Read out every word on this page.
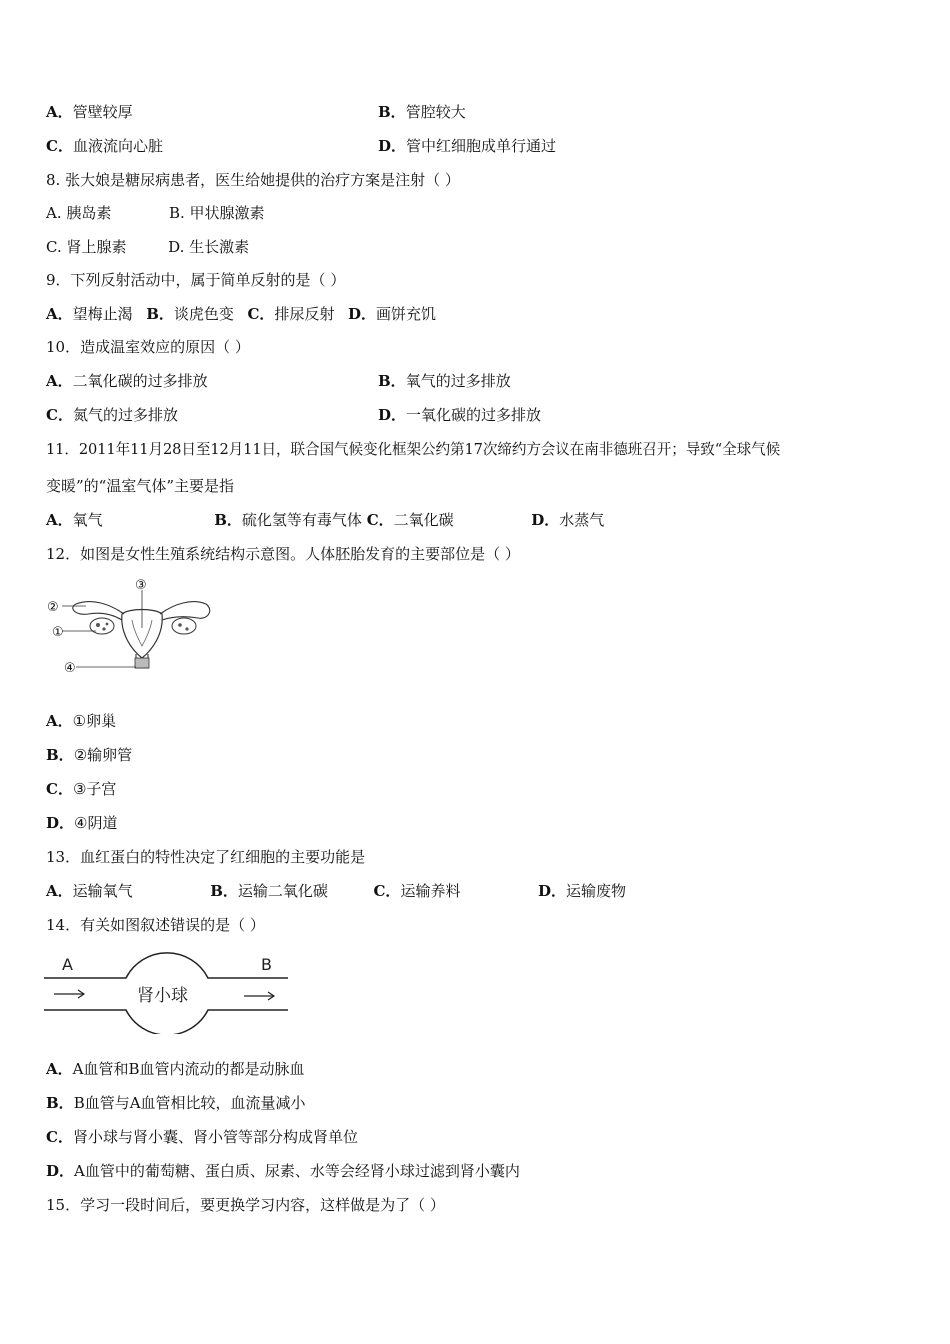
A．管壁较厚	B．管腔较大
C．血液流向心脏	D．管中红细胞成单行通过
8. 张大娘是糖尿病患者，医生给她提供的治疗方案是注射（ ）
A. 胰岛素	B. 甲状腺激素
C. 肾上腺素	D. 生长激素
9．下列反射活动中，属于简单反射的是（ ）
A．望梅止渴 B．谈虎色变 C．排尿反射 D．画饼充饥
10．造成温室效应的原因（ ）
A．二氧化碳的过多排放	B．氧气的过多排放
C．氮气的过多排放	D．一氧化碳的过多排放
11．2011年11月28日至12月11日，联合国气候变化框架公约第17次缔约方会议在南非德班召开；导致“全球气候
变暖”的“温室气体”主要是指
A．氧气	B．硫化氢等有毒气体 C．二氧化碳	D．水蒸气
12．如图是女性生殖系统结构示意图。人体胚胎发育的主要部位是（ ）
③
②
①
④
A．①卵巢
B．②输卵管
C．③子宫
D．④阴道
13．血红蛋白的特性决定了红细胞的主要功能是
A．运输氧气	B．运输二氧化碳	C．运输养料	D．运输废物
14．有关如图叙述错误的是（ ）
A	B
肾小球
A．A血管和B血管内流动的都是动脉血
B．B血管与A血管相比较，血流量减小
C．肾小球与肾小囊、肾小管等部分构成肾单位
D．A血管中的葡萄糖、蛋白质、尿素、水等会经肾小球过滤到肾小囊内
15．学习一段时间后，要更换学习内容，这样做是为了（ ）
